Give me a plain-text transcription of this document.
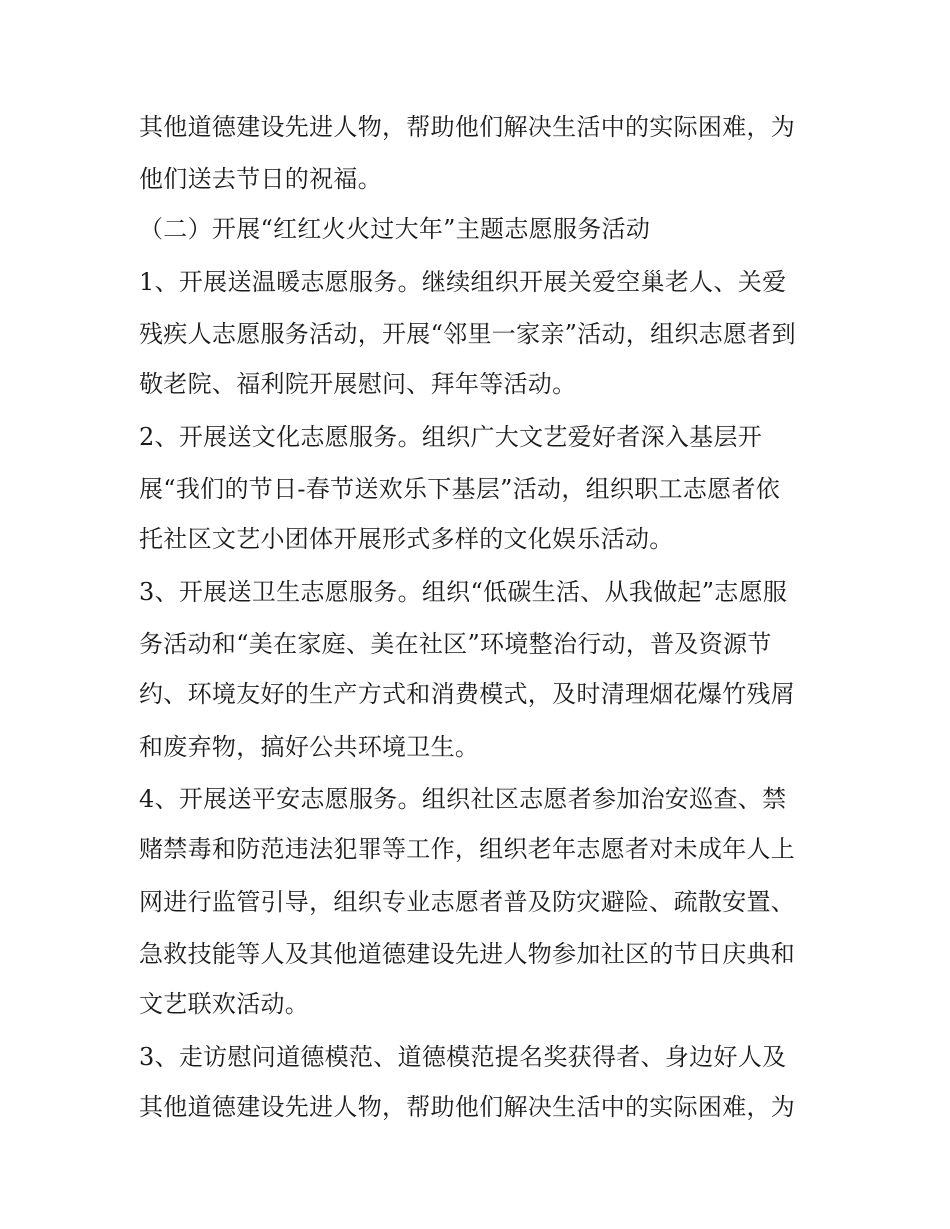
其他道德建设先进人物，帮助他们解决生活中的实际困难，为
他们送去节日的祝福。
（二）开展“红红火火过大年”主题志愿服务活动
1、开展送温暖志愿服务。继续组织开展关爱空巢老人、关爱
残疾人志愿服务活动，开展“邻里一家亲”活动，组织志愿者到
敬老院、福利院开展慰问、拜年等活动。
2、开展送文化志愿服务。组织广大文艺爱好者深入基层开
展“我们的节日-春节送欢乐下基层”活动，组织职工志愿者依
托社区文艺小团体开展形式多样的文化娱乐活动。
3、开展送卫生志愿服务。组织“低碳生活、从我做起”志愿服
务活动和“美在家庭、美在社区”环境整治行动，普及资源节
约、环境友好的生产方式和消费模式，及时清理烟花爆竹残屑
和废弃物，搞好公共环境卫生。
4、开展送平安志愿服务。组织社区志愿者参加治安巡查、禁
赌禁毒和防范违法犯罪等工作，组织老年志愿者对未成年人上
网进行监管引导，组织专业志愿者普及防灾避险、疏散安置、
急救技能等人及其他道德建设先进人物参加社区的节日庆典和
文艺联欢活动。
3、走访慰问道德模范、道德模范提名奖获得者、身边好人及
其他道德建设先进人物，帮助他们解决生活中的实际困难，为
